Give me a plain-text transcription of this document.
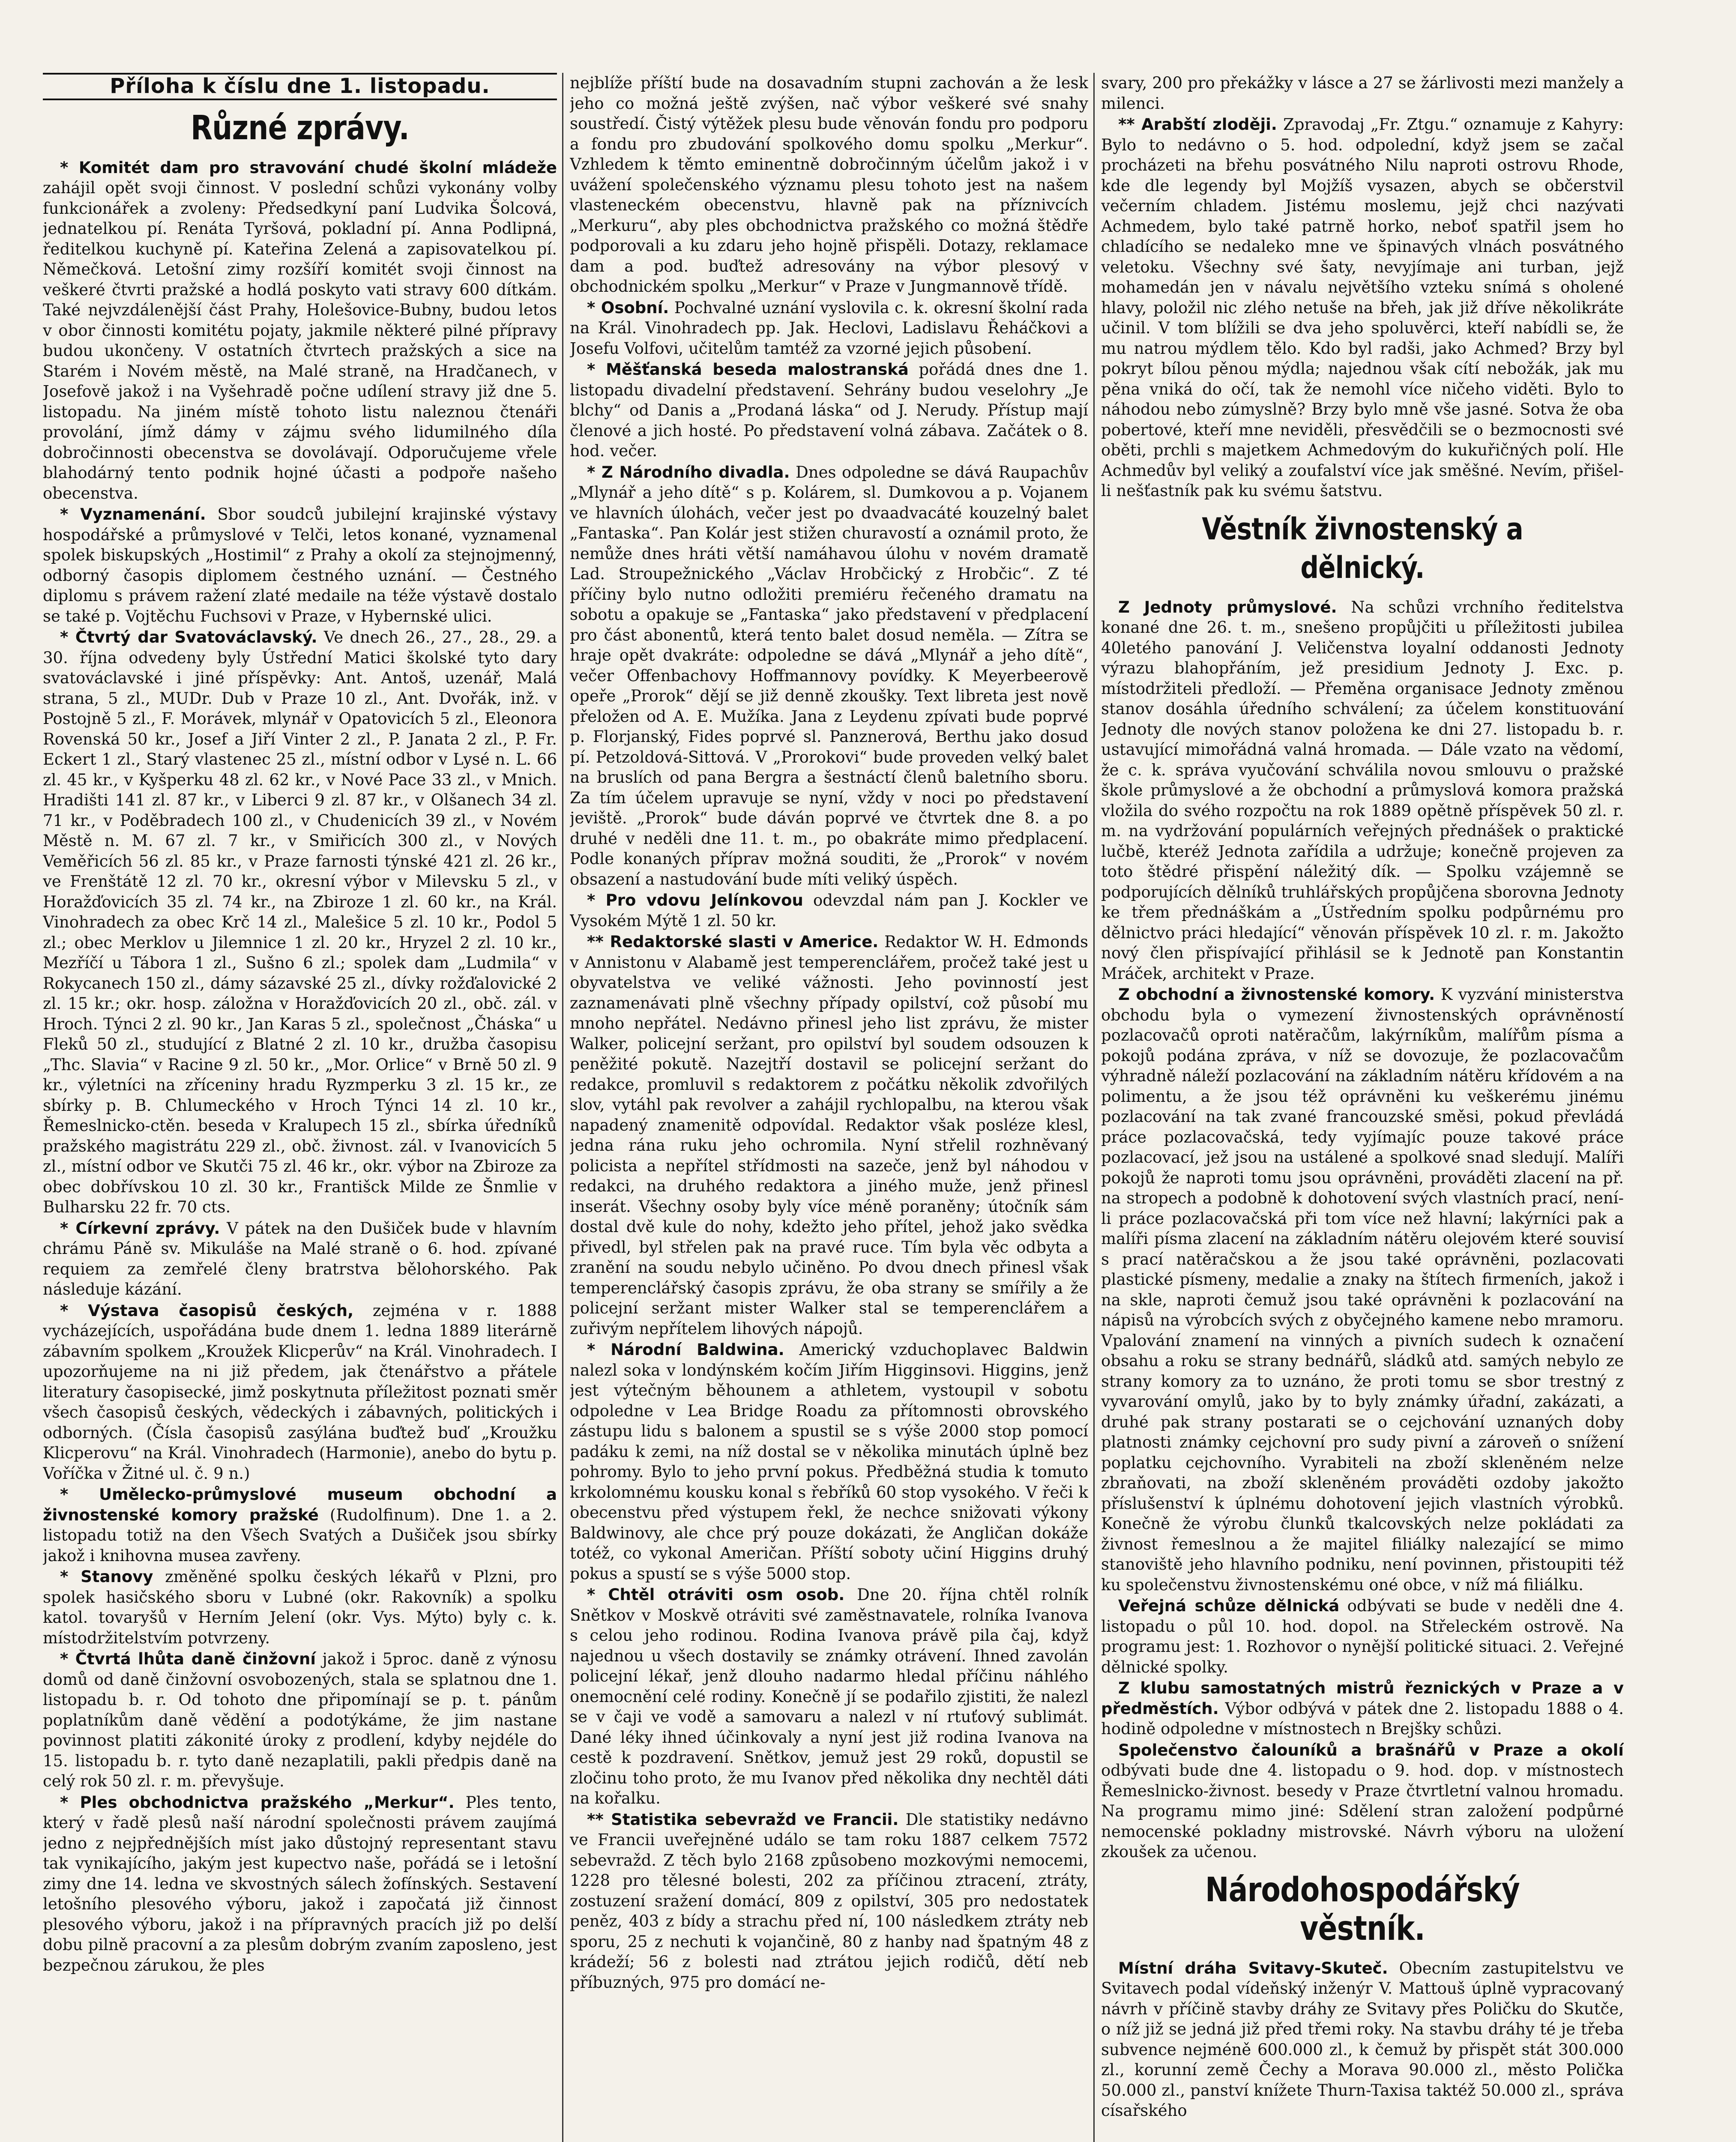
Příloha k číslu dne 1. listopadu.
Různé zprávy.

* Komitét dam pro stravování chudé školní mládeže zahájil opět svoji činnost. V poslední schůzi vykonány volby funkcionářek a zvoleny: Předsedkyní paní Ludvika Šolcová, jednatelkou pí. Renáta Tyršová, pokladní pí. Anna Podlipná, ředitelkou kuchyně pí. Kateřina Zelená a zapisovatelkou pí. Němečková. Letošní zimy rozšíří komitét svoji činnost na veškeré čtvrti pražské a hodlá poskyto vati stravy 600 dítkám. Také nejvzdálenější část Prahy, Holešovice-Bubny, budou letos v obor činnosti komitétu pojaty, jakmile některé pilné přípravy budou ukončeny. V ostatních čtvrtech pražských a sice na Starém i Novém městě, na Malé straně, na Hradčanech, v Josefově jakož i na Vyšehradě počne udílení stravy již dne 5. listopadu. Na jiném místě tohoto listu naleznou čtenáři provolání, jímž dámy v zájmu svého lidumilného díla dobročinnosti obecenstva se dovolávají. Odporučujeme vřele blahodárný tento podnik hojné účasti a podpoře našeho obecenstva.

* Vyznamenání. Sbor soudců jubilejní krajinské výstavy hospodářské a průmyslové v Telči, letos konané, vyznamenal spolek biskupských „Hostimil“ z Prahy a okolí za stejnojmenný, odborný časopis diplomem čestného uznání. — Čestného diplomu s právem ražení zlaté medaile na téže výstavě dostalo se také p. Vojtěchu Fuchsovi v Praze, v Hybernské ulici.

* Čtvrtý dar Svatováclavský. Ve dnech 26., 27., 28., 29. a 30. října odvedeny byly Ústřední Matici školské tyto dary svatováclavské i jiné příspěvky: Ant. Antoš, uzenář, Malá strana, 5 zl., MUDr. Dub v Praze 10 zl., Ant. Dvořák, inž. v Postojně 5 zl., F. Morávek, mlynář v Opatovicích 5 zl., Eleonora Rovenská 50 kr., Josef a Jiří Vinter 2 zl., P. Janata 2 zl., P. Fr. Eckert 1 zl., Starý vlastenec 25 zl., místní odbor v Lysé n. L. 66 zl. 45 kr., v Kyšperku 48 zl. 62 kr., v Nové Pace 33 zl., v Mnich. Hradišti 141 zl. 87 kr., v Liberci 9 zl. 87 kr., v Olšanech 34 zl. 71 kr., v Poděbradech 100 zl., v Chudenicích 39 zl., v Novém Městě n. M. 67 zl. 7 kr., v Smiřicích 300 zl., v Nových Veměřicích 56 zl. 85 kr., v Praze farnosti týnské 421 zl. 26 kr., ve Frenštátě 12 zl. 70 kr., okresní výbor v Milevsku 5 zl., v Horažďovicích 35 zl. 74 kr., na Zbiroze 1 zl. 60 kr., na Král. Vinohradech za obec Krč 14 zl., Malešice 5 zl. 10 kr., Podol 5 zl.; obec Merklov u Jilemnice 1 zl. 20 kr., Hryzel 2 zl. 10 kr., Mezříčí u Tábora 1 zl., Sušno 6 zl.; spolek dam „Ludmila“ v Rokycanech 150 zl., dámy sázavské 25 zl., dívky rožďalovické 2 zl. 15 kr.; okr. hosp. záložna v Horažďovicích 20 zl., obč. zál. v Hroch. Týnci 2 zl. 90 kr., Jan Karas 5 zl., společnost „Čháska“ u Fleků 50 zl., studující z Blatné 2 zl. 10 kr., družba časopisu „Thc. Slavia“ v Racine 9 zl. 50 kr., „Mor. Orlice“ v Brně 50 zl. 9 kr., výletníci na zříceniny hradu Ryzmperku 3 zl. 15 kr., ze sbírky p. B. Chlumeckého v Hroch Týnci 14 zl. 10 kr., Řemeslnicko-ctěn. beseda v Kralupech 15 zl., sbírka úředníků pražského magistrátu 229 zl., obč. živnost. zál. v Ivanovicích 5 zl., místní odbor ve Skutči 75 zl. 46 kr., okr. výbor na Zbiroze za obec dobřívskou 10 zl. 30 kr., Františck Milde ze Šnmlie v Bulharsku 22 fr. 70 cts.

* Církevní zprávy. V pátek na den Dušiček bude v hlavním chrámu Páně sv. Mikuláše na Malé straně o 6. hod. zpívané requiem za zemřelé členy bratrstva bělohorského. Pak následuje kázání.

* Výstava časopisů českých, zejména v r. 1888 vycházejících, uspořádána bude dnem 1. ledna 1889 literárně zábavním spolkem „Kroužek Klicperův“ na Král. Vinohradech. I upozorňujeme na ni již předem, jak čtenářstvo a přátele literatury časopisecké, jimž poskytnuta příležitost poznati směr všech časopisů českých, vědeckých i zábavných, politických i odborných. (Čísla časopisů zasýlána buďtež buď „Kroužku Klicperovu“ na Král. Vinohradech (Harmonie), anebo do bytu p. Voříčka v Žitné ul. č. 9 n.)

* Umělecko-průmyslové museum obchodní a živnostenské komory pražské (Rudolfinum). Dne 1. a 2. listopadu totiž na den Všech Svatých a Dušiček jsou sbírky jakož i knihovna musea zavřeny.

* Stanovy změněné spolku českých lékařů v Plzni, pro spolek hasičského sboru v Lubné (okr. Rakovník) a spolku katol. tovaryšů v Herním Jelení (okr. Vys. Mýto) byly c. k. místodržitelstvím potvrzeny.

* Čtvrtá lhůta daně činžovní jakož i 5proc. daně z výnosu domů od daně činžovní osvobozených, stala se splatnou dne 1. listopadu b. r. Od tohoto dne připomínají se p. t. pánům poplatníkům daně vědění a podotýkáme, že jim nastane povinnost platiti zákonité úroky z prodlení, kdyby nejdéle do 15. listopadu b. r. tyto daně nezaplatili, pakli předpis daně na celý rok 50 zl. r. m. převyšuje.

* Ples obchodnictva pražského „Merkur“. Ples tento, který v řadě plesů naší národní společnosti právem zaujímá jedno z nejpřednějších míst jako důstojný representant stavu tak vynikajícího, jakým jest kupectvo naše, pořádá se i letošní zimy dne 14. ledna ve skvostných sálech žofínských. Sestavení letošního plesového výboru, jakož i započatá již činnost plesového výboru, jakož i na přípravných pracích již po delší dobu pilně pracovní a za plesům dobrým zvaním zaposleno, jest bezpečnou zárukou, že ples

nejblíže příští bude na dosavadním stupni zachován a že lesk jeho co možná ještě zvýšen, nač výbor veškeré své snahy soustředí. Čistý výtěžek plesu bude věnován fondu pro podporu a fondu pro zbudování spolkového domu spolku „Merkur“. Vzhledem k těmto eminentně dobročinným účelům jakož i v uvážení společenského významu plesu tohoto jest na našem vlasteneckém obecenstvu, hlavně pak na příznivcích „Merkuru“, aby ples obchodnictva pražského co možná štědře podporovali a ku zdaru jeho hojně přispěli. Dotazy, reklamace dam a pod. buďtež adresovány na výbor plesový v obchodnickém spolku „Merkur“ v Praze v Jungmannově třídě.

* Osobní. Pochvalné uznání vyslovila c. k. okresní školní rada na Král. Vinohradech pp. Jak. Heclovi, Ladislavu Řeháčkovi a Josefu Volfovi, učitelům tamtéž za vzorné jejich působení.

* Měšťanská beseda malostranská pořádá dnes dne 1. listopadu divadelní představení. Sehrány budou veselohry „Je blchy“ od Danis a „Prodaná láska“ od J. Nerudy. Přístup mají členové a jich hosté. Po představení volná zábava. Začátek o 8. hod. večer.

* Z Národního divadla. Dnes odpoledne se dává Raupachův „Mlynář a jeho dítě“ s p. Kolárem, sl. Dumkovou a p. Vojanem ve hlavních úlohách, večer jest po dvaadvacáté kouzelný balet „Fantaska“. Pan Kolár jest stižen churavostí a oznámil proto, že nemůže dnes hráti větší namáhavou úlohu v novém dramatě Lad. Stroupežnického „Václav Hrobčický z Hrobčic“. Z té příčiny bylo nutno odložiti premiéru řečeného dramatu na sobotu a opakuje se „Fantaska“ jako představení v předplacení pro část abonentů, která tento balet dosud neměla. — Zítra se hraje opět dvakráte: odpoledne se dává „Mlynář a jeho dítě“, večer Offenbachovy Hoffmannovy povídky. K Meyerbeerově opeře „Prorok“ dějí se již denně zkoušky. Text libreta jest nově přeložen od A. E. Mužíka. Jana z Leydenu zpívati bude poprvé p. Florjanský, Fides poprvé sl. Panznerová, Berthu jako dosud pí. Petzoldová-Sittová. V „Prorokovi“ bude proveden velký balet na bruslích od pana Bergra a šestnáctí členů baletního sboru. Za tím účelem upravuje se nyní, vždy v noci po představení jeviště. „Prorok“ bude dáván poprvé ve čtvrtek dne 8. a po druhé v neděli dne 11. t. m., po obakráte mimo předplacení. Podle konaných příprav možná souditi, že „Prorok“ v novém obsazení a nastudování bude míti veliký úspěch.

* Pro vdovu Jelínkovou odevzdal nám pan J. Kockler ve Vysokém Mýtě 1 zl. 50 kr.

** Redaktorské slasti v Americe. Redaktor W. H. Edmonds v Annistonu v Alabamě jest temperenclářem, pročež také jest u obyvatelstva ve veliké vážnosti. Jeho povinností jest zaznamenávati plně všechny případy opilství, což působí mu mnoho nepřátel. Nedávno přinesl jeho list zprávu, že mister Walker, policejní seržant, pro opilství byl soudem odsouzen k peněžité pokutě. Nazejtří dostavil se policejní seržant do redakce, promluvil s redaktorem z počátku několik zdvořilých slov, vytáhl pak revolver a zahájil rychlopalbu, na kterou však napadený znamenitě odpovídal. Redaktor však posléze klesl, jedna rána ruku jeho ochromila. Nyní střelil rozhněvaný policista a nepřítel střídmosti na sazeče, jenž byl náhodou v redakci, na druhého redaktora a jiného muže, jenž přinesl inserát. Všechny osoby byly více méně poraněny; útočník sám dostal dvě kule do nohy, kdežto jeho přítel, jehož jako svědka přivedl, byl střelen pak na pravé ruce. Tím byla věc odbyta a zranění na soudu nebylo učiněno. Po dvou dnech přinesl však temperenclářský časopis zprávu, že oba strany se smířily a že policejní seržant mister Walker stal se temperenclářem a zuřivým nepřítelem lihových nápojů.

* Národní Baldwina. Americký vzduchoplavec Baldwin nalezl soka v londýnském kočím Jiřím Higginsovi. Higgins, jenž jest výtečným běhounem a athletem, vystoupil v sobotu odpoledne v Lea Bridge Roadu za přítomnosti obrovského zástupu lidu s balonem a spustil se s výše 2000 stop pomocí padáku k zemi, na níž dostal se v několika minutách úplně bez pohromy. Bylo to jeho první pokus. Předběžná studia k tomuto krkolomnému kousku konal s řebříků 60 stop vysokého. V řeči k obecenstvu před výstupem řekl, že nechce snižovati výkony Baldwinovy, ale chce prý pouze dokázati, že Angličan dokáže totéž, co vykonal Američan. Příští soboty učiní Higgins druhý pokus a spustí se s výše 5000 stop.

* Chtěl otráviti osm osob. Dne 20. října chtěl rolník Snětkov v Moskvě otráviti své zaměstnavatele, rolníka Ivanova s celou jeho rodinou. Rodina Ivanova právě pila čaj, když najednou u všech dostavily se známky otrávení. Ihned zavolán policejní lékař, jenž dlouho nadarmo hledal příčinu náhlého onemocnění celé rodiny. Konečně jí se podařilo zjistiti, že nalezl se v čaji ve vodě a samovaru a nalezl v ní rtuťový sublimát. Dané léky ihned účinkovaly a nyní jest již rodina Ivanova na cestě k pozdravení. Snětkov, jemuž jest 29 roků, dopustil se zločinu toho proto, že mu Ivanov před několika dny nechtěl dáti na kořalku.

** Statistika sebevražd ve Francii. Dle statistiky nedávno ve Francii uveřejněné událo se tam roku 1887 celkem 7572 sebevražd. Z těch bylo 2168 způsobeno mozkovými nemocemi, 1228 pro tělesné bolesti, 202 za příčinou ztracení, ztráty, zostuzení sražení domácí, 809 z opilství, 305 pro nedostatek peněz, 403 z bídy a strachu před ní, 100 následkem ztráty neb sporu, 25 z nechuti k vojančině, 80 z hanby nad špatným 48 z krádeží; 56 z bolesti nad ztrátou jejich rodičů, dětí neb příbuzných, 975 pro domácí ne-

svary, 200 pro překážky v lásce a 27 se žárlivosti mezi manžely a milenci.

** Arabští zloději. Zpravodaj „Fr. Ztgu.“ oznamuje z Kahyry: Bylo to nedávno o 5. hod. odpolední, když jsem se začal procházeti na břehu posvátného Nilu naproti ostrovu Rhode, kde dle legendy byl Mojžíš vysazen, abych se občerstvil večerním chladem. Jistému moslemu, jejž chci nazývati Achmedem, bylo také patrně horko, neboť spatřil jsem ho chladícího se nedaleko mne ve špinavých vlnách posvátného veletoku. Všechny své šaty, nevyjímaje ani turban, jejž mohamedán jen v návalu největšího vzteku snímá s oholené hlavy, položil nic zlého netuše na břeh, jak již dříve několikráte učinil. V tom blížili se dva jeho spoluvěrci, kteří nabídli se, že mu natrou mýdlem tělo. Kdo byl radši, jako Achmed? Brzy byl pokryt bílou pěnou mýdla; najednou však cítí nebožák, jak mu pěna vniká do očí, tak že nemohl více ničeho viděti. Bylo to náhodou nebo zúmyslně? Brzy bylo mně vše jasné. Sotva že oba pobertové, kteří mne neviděli, přesvědčili se o bezmocnosti své oběti, prchli s majetkem Achmedovým do kukuřičných polí. Hle Achmedův byl veliký a zoufalství více jak směšné. Nevím, přišel-li nešťastník pak ku svému šatstvu.

Věstník živnostenský a dělnický.

Z Jednoty průmyslové. Na schůzi vrchního ředitelstva konané dne 26. t. m., snešeno propůjčiti u příležitosti jubilea 40letého panování J. Veličenstva loyalní oddanosti Jednoty výrazu blahopřáním, jež presidium Jednoty J. Exc. p. místodržiteli předloží. — Přeměna organisace Jednoty změnou stanov dosáhla úředního schválení; za účelem konstituování Jednoty dle nových stanov položena ke dni 27. listopadu b. r. ustavující mimořádná valná hromada. — Dále vzato na vědomí, že c. k. správa vyučování schválila novou smlouvu o pražské škole průmyslové a že obchodní a průmyslová komora pražská vložila do svého rozpočtu na rok 1889 opětně příspěvek 50 zl. r. m. na vydržování populárních veřejných přednášek o praktické lučbě, kteréž Jednota zařídila a udržuje; konečně projeven za toto štědré přispění náležitý dík. — Spolku vzájemně se podporujících dělníků truhlářských propůjčena sborovna Jednoty ke třem přednáškám a „Ústředním spolku podpůrnému pro dělnictvo práci hledající“ věnován příspěvek 10 zl. r. m. Jakožto nový člen přispívající přihlásil se k Jednotě pan Konstantin Mráček, architekt v Praze.

Z obchodní a živnostenské komory. K vyzvání ministerstva obchodu byla o vymezení živnostenských oprávněností pozlacovačů oproti natěračům, lakýrníkům, malířům písma a pokojů podána zpráva, v níž se dovozuje, že pozlacovačům výhradně náleží pozlacování na základním nátěru křídovém a na polimentu, a že jsou též oprávněni ku veškerému jinému pozlacování na tak zvané francouzské směsi, pokud převládá práce pozlacovačská, tedy vyjímajíc pouze takové práce pozlacovací, jež jsou na ustálené a spolkové snad sledují. Malíři pokojů že naproti tomu jsou oprávněni, prováděti zlacení na př. na stropech a podobně k dohotovení svých vlastních prací, není-li práce pozlacovačská při tom více než hlavní; lakýrníci pak a malíři písma zlacení na základním nátěru olejovém které souvisí s prací natěračskou a že jsou také oprávněni, pozlacovati plastické písmeny, medalie a znaky na štítech firmeních, jakož i na skle, naproti čemuž jsou také oprávněni k pozlacování na nápisů na výrobcích svých z obyčejného kamene nebo mramoru. Vpalování znamení na vinných a pivních sudech k označení obsahu a roku se strany bednářů, sládků atd. samých nebylo ze strany komory za to uznáno, že proti tomu se sbor trestný z vyvarování omylů, jako by to byly známky úřadní, zakázati, a druhé pak strany postarati se o cejchování uznaných doby platnosti známky cejchovní pro sudy pivní a zároveň o snížení poplatku cejchovního. Vyrabiteli na zboží skleněném nelze zbraňovati, na zboží skleněném prováděti ozdoby jakožto příslušenství k úplnému dohotovení jejich vlastních výrobků. Konečně že výrobu člunků tkalcovských nelze pokládati za živnost řemeslnou a že majitel filiálky nalezající se mimo stanoviště jeho hlavního podniku, není povinnen, přistoupiti též ku společenstvu živnostenskému oné obce, v níž má filiálku.

Veřejná schůze dělnická odbývati se bude v neděli dne 4. listopadu o půl 10. hod. dopol. na Střeleckém ostrově. Na programu jest: 1. Rozhovor o nynější politické situaci. 2. Veřejné dělnické spolky.

Z klubu samostatných mistrů řeznických v Praze a v předměstích. Výbor odbývá v pátek dne 2. listopadu 1888 o 4. hodině odpoledne v místnostech n Brejšky schůzi.

Společenstvo čalouníků a brašnářů v Praze a okolí odbývati bude dne 4. listopadu o 9. hod. dop. v místnostech Řemeslnicko-živnost. besedy v Praze čtvrtletní valnou hromadu. Na programu mimo jiné: Sdělení stran založení podpůrné nemocenské pokladny mistrovské. Návrh výboru na uložení zkoušek za učenou.

Národohospodářský věstník.

Místní dráha Svitavy-Skuteč. Obecním zastupitelstvu ve Svitavech podal vídeňský inženýr V. Mattouš úplně vypracovaný návrh v příčině stavby dráhy ze Svitavy přes Poličku do Skutče, o níž již se jedná již před třemi roky. Na stavbu dráhy té je třeba subvence nejméně 600.000 zl., k čemuž by přispět stát 300.000 zl., korunní země Čechy a Morava 90.000 zl., město Polička 50.000 zl., panství knížete Thurn-Taxisa taktéž 50.000 zl., správa císařského
